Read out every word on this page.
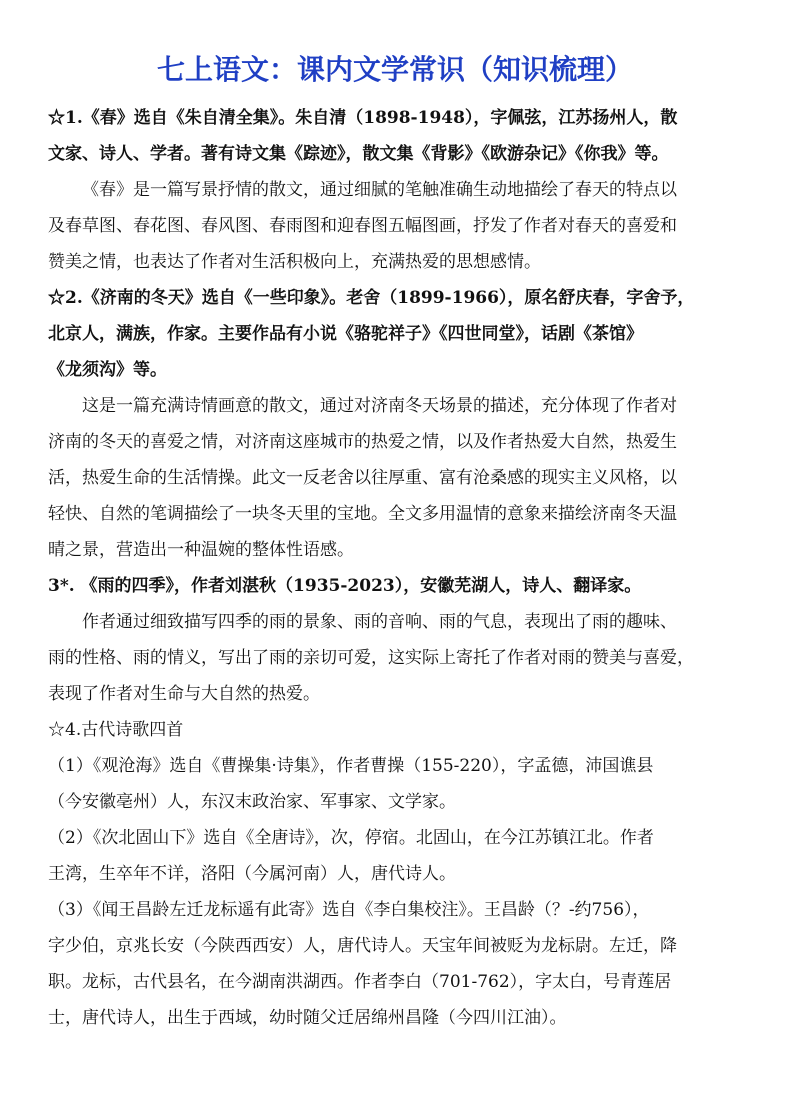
七上语文：课内文学常识（知识梳理）
☆1.《春》选自《朱自清全集》。朱自清（1898-1948），字佩弦，江苏扬州人，散
文家、诗人、学者。著有诗文集《踪迹》，散文集《背影》《欧游杂记》《你我》等。
《春》是一篇写景抒情的散文，通过细腻的笔触准确生动地描绘了春天的特点以
及春草图、春花图、春风图、春雨图和迎春图五幅图画，抒发了作者对春天的喜爱和
赞美之情，也表达了作者对生活积极向上，充满热爱的思想感情。
☆2.《济南的冬天》选自《一些印象》。老舍（1899-1966），原名舒庆春，字舍予，
北京人，满族，作家。主要作品有小说《骆驼祥子》《四世同堂》，话剧《茶馆》
《龙须沟》等。
这是一篇充满诗情画意的散文，通过对济南冬天场景的描述，充分体现了作者对
济南的冬天的喜爱之情，对济南这座城市的热爱之情，以及作者热爱大自然，热爱生
活，热爱生命的生活情操。此文一反老舍以往厚重、富有沧桑感的现实主义风格，以
轻快、自然的笔调描绘了一块冬天里的宝地。全文多用温情的意象来描绘济南冬天温
晴之景，营造出一种温婉的整体性语感。
3*. 《雨的四季》，作者刘湛秋（1935-2023），安徽芜湖人，诗人、翻译家。
作者通过细致描写四季的雨的景象、雨的音响、雨的气息，表现出了雨的趣味、
雨的性格、雨的情义，写出了雨的亲切可爱，这实际上寄托了作者对雨的赞美与喜爱，
表现了作者对生命与大自然的热爱。
☆4.古代诗歌四首
（1）《观沧海》选自《曹操集·诗集》，作者曹操（155-220），字孟德，沛国谯县
（今安徽亳州）人，东汉末政治家、军事家、文学家。
（2）《次北固山下》选自《全唐诗》，次，停宿。北固山，在今江苏镇江北。作者
王湾，生卒年不详，洛阳（今属河南）人，唐代诗人。
（3）《闻王昌龄左迁龙标遥有此寄》选自《李白集校注》。王昌龄（？-约756），
字少伯，京兆长安（今陕西西安）人，唐代诗人。天宝年间被贬为龙标尉。左迁，降
职。龙标，古代县名，在今湖南洪湖西。作者李白（701-762），字太白，号青莲居
士，唐代诗人，出生于西域，幼时随父迁居绵州昌隆（今四川江油）。
